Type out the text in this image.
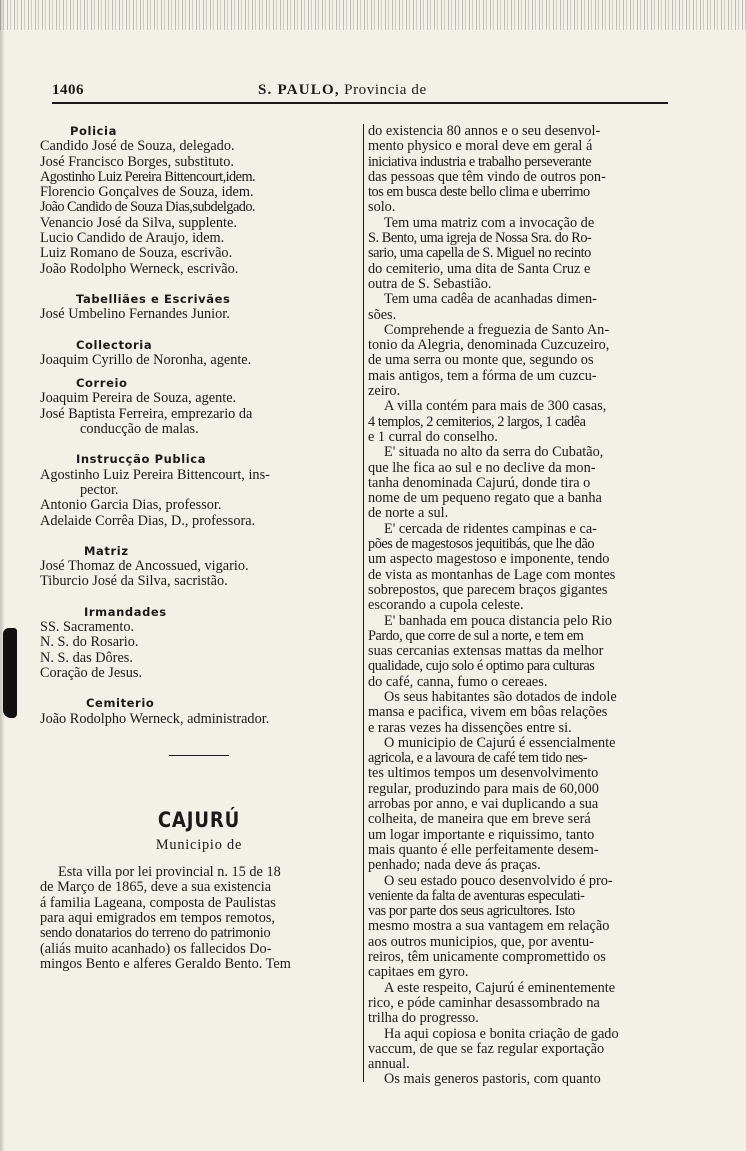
1406	S. PAULO, Provincia de
Policia

Candido José de Souza, delegado.

José Francisco Borges, substituto.

Agostinho Luiz Pereira Bittencourt,idem.

Florencio Gonçalves de Souza, idem.

João Candido de Souza Dias,subdelgado.

Venancio José da Silva, supplente.

Lucio Candido de Araujo, idem.

Luiz Romano de Souza, escrivão.

João Rodolpho Werneck, escrivão.

Tabelliães e Escrivães

José Umbelino Fernandes Junior.

Collectoria

Joaquim Cyrillo de Noronha, agente.

Correio

Joaquim Pereira de Souza, agente.

José Baptista Ferreira, emprezario da

conducção de malas.

Instrucção Publica

Agostinho Luiz Pereira Bittencourt, ins-

pector.

Antonio Garcia Dias, professor.

Adelaide Corrêa Dias, D., professora.

Matriz

José Thomaz de Ancossued, vigario.

Tiburcio José da Silva, sacristão.

Irmandades

SS. Sacramento.

N. S. do Rosario.

N. S. das Dôres.

Coração de Jesus.

Cemiterio

João Rodolpho Werneck, administrador.

CAJURÚ

Municipio de

Esta villa por lei provincial n. 15 de 18

de Março de 1865, deve a sua existencia

á familia Lageana, composta de Paulistas

para aqui emigrados em tempos remotos,

sendo donatarios do terreno do patrimonio

(aliás muito acanhado) os fallecidos Do-

mingos Bento e alferes Geraldo Bento. Tem

do existencia 80 annos e o seu desenvol-

mento physico e moral deve em geral á

iniciativa industria e trabalho perseverante

das pessoas que têm vindo de outros pon-

tos em busca deste bello clima e uberrimo

solo.

Tem uma matriz com a invocação de

S. Bento, uma igreja de Nossa Sra. do Ro-

sario, uma capella de S. Miguel no recinto

do cemiterio, uma dita de Santa Cruz e

outra de S. Sebastião.

Tem uma cadêa de acanhadas dimen-

sões.

Comprehende a freguezia de Santo An-

tonio da Alegria, denominada Cuzcuzeiro,

de uma serra ou monte que, segundo os

mais antigos, tem a fórma de um cuzcu-

zeiro.

A villa contém para mais de 300 casas,

4 templos, 2 cemiterios, 2 largos, 1 cadêa

e 1 curral do conselho.

E' situada no alto da serra do Cubatão,

que lhe fica ao sul e no declive da mon-

tanha denominada Cajurú, donde tira o

nome de um pequeno regato que a banha

de norte a sul.

E' cercada de ridentes campinas e ca-

pões de magestosos jequitibás, que lhe dão

um aspecto magestoso e imponente, tendo

de vista as montanhas de Lage com montes

sobrepostos, que parecem braços gigantes

escorando a cupola celeste.

E' banhada em pouca distancia pelo Rio

Pardo, que corre de sul a norte, e tem em

suas cercanias extensas mattas da melhor

qualidade, cujo solo é optimo para culturas

do café, canna, fumo o cereaes.

Os seus habitantes são dotados de indole

mansa e pacifica, vivem em bôas relações

e raras vezes ha dissenções entre si.

O municipio de Cajurú é essencialmente

agricola, e a lavoura de café tem tido nes-

tes ultimos tempos um desenvolvimento

regular, produzindo para mais de 60,000

arrobas por anno, e vai duplicando a sua

colheita, de maneira que em breve será

um logar importante e riquissimo, tanto

mais quanto é elle perfeitamente desem-

penhado; nada deve ás praças.

O seu estado pouco desenvolvido é pro-

veniente da falta de aventuras especulati-

vas por parte dos seus agricultores. Isto

mesmo mostra a sua vantagem em relação

aos outros municipios, que, por aventu-

reiros, têm unicamente compromettido os

capitaes em gyro.

A este respeito, Cajurú é eminentemente

rico, e póde caminhar desassombrado na

trilha do progresso.

Ha aqui copiosa e bonita criação de gado

vaccum, de que se faz regular exportação

annual.

Os mais generos pastoris, com quanto
